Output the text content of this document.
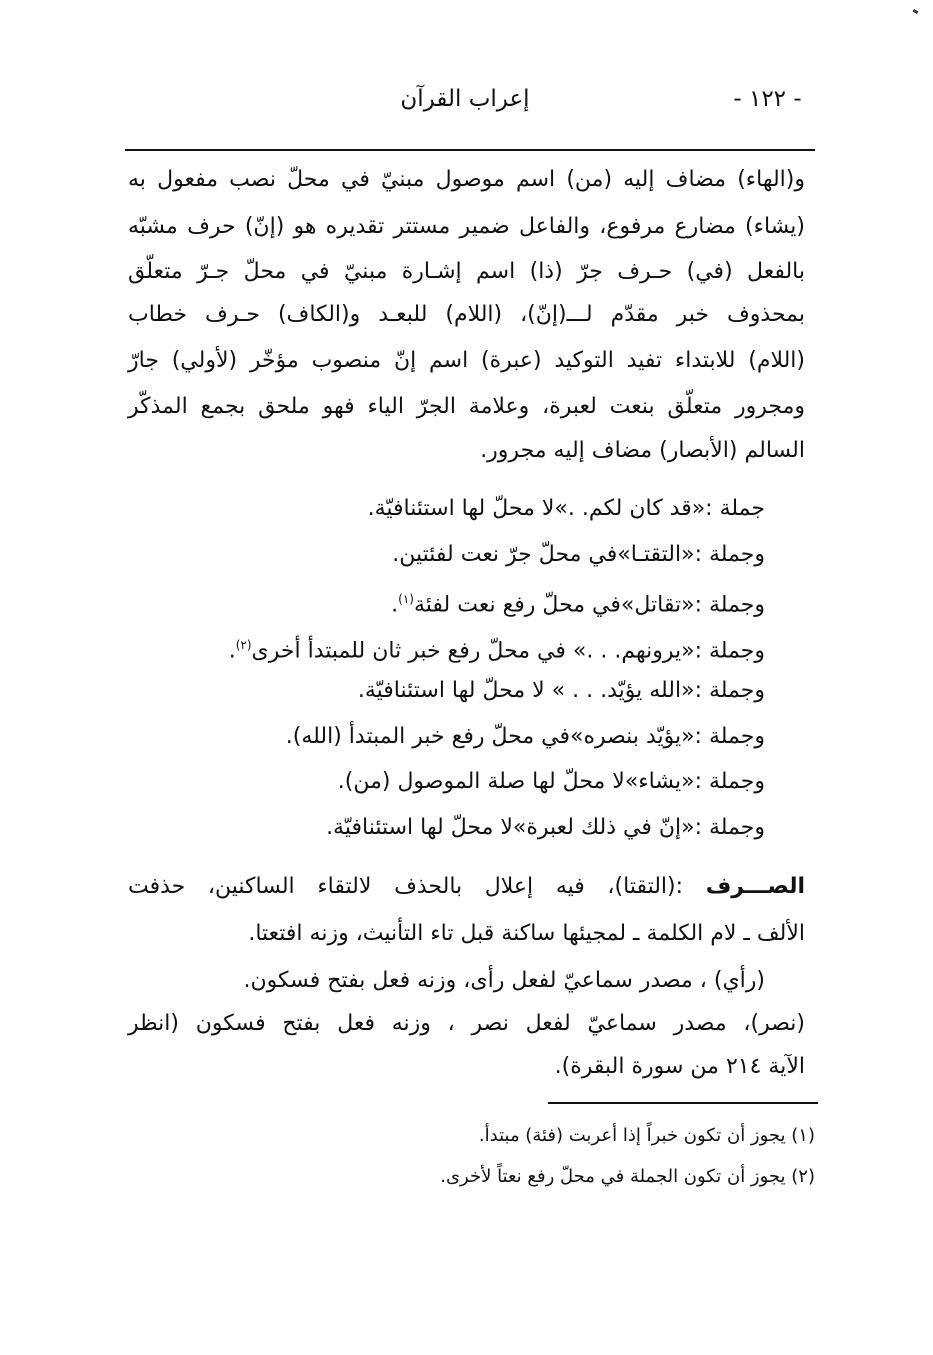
- ١٢٢ -
إعراب القرآن
و(الهاء) مضاف إليه (من) اسم موصول مبنيّ في محلّ نصب مفعول به
(يشاء) مضارع مرفوع، والفاعل ضمير مستتر تقديره هو (إنّ) حرف مشبّه
بالفعل (في) حـرف جرّ (ذا) اسم إشـارة مبنيّ في محلّ جـرّ متعلّق
بمحذوف خبر مقدّم لـــ(إنّ)، (اللام) للبعـد و(الكاف) حـرف خطاب
(اللام) للابتداء تفيد التوكيد (عبرة) اسم إنّ منصوب مؤخّر (لأولي) جارّ
ومجرور متعلّق بنعت لعبرة، وعلامة الجرّ الياء فهو ملحق بجمع المذكّر
السالم (الأبصار) مضاف إليه مجرور.
جملة :«قد كان لكم. .»لا محلّ لها استئنافيّة.
وجملة :«التقتـا»في محلّ جرّ نعت لفئتين.
وجملة :«تقاتل»في محلّ رفع نعت لفئة$^{(١)}$.
وجملة :«يرونهم. . .» في محلّ رفع خبر ثان للمبتدأ أخرى$^{(٢)}$.
وجملة :«الله يؤيّد. . . » لا محلّ لها استئنافيّة.
وجملة :«يؤيّد بنصره»في محلّ رفع خبر المبتدأ (الله).
وجملة :«يشاء»لا محلّ لها صلة الموصول (من).
وجملة :«إنّ في ذلك لعبرة»لا محلّ لها استئنافيّة.
الصـــرف :(التقتا)، فيه إعلال بالحذف لالتقاء الساكنين، حذفت
الألف ـ لام الكلمة ـ لمجيئها ساكنة قبل تاء التأنيث، وزنه افتعتا.
(رأي) ، مصدر سماعيّ لفعل رأى، وزنه فعل بفتح فسكون.
(نصر)، مصدر سماعيّ لفعل نصر ، وزنه فعل بفتح فسكون (انظر
الآية ٢١٤ من سورة البقرة).
(١) يجوز أن تكون خبراً إذا أعربت (فئة) مبتدأ.
(٢) يجوز أن تكون الجملة في محلّ رفع نعتاً لأخرى.
